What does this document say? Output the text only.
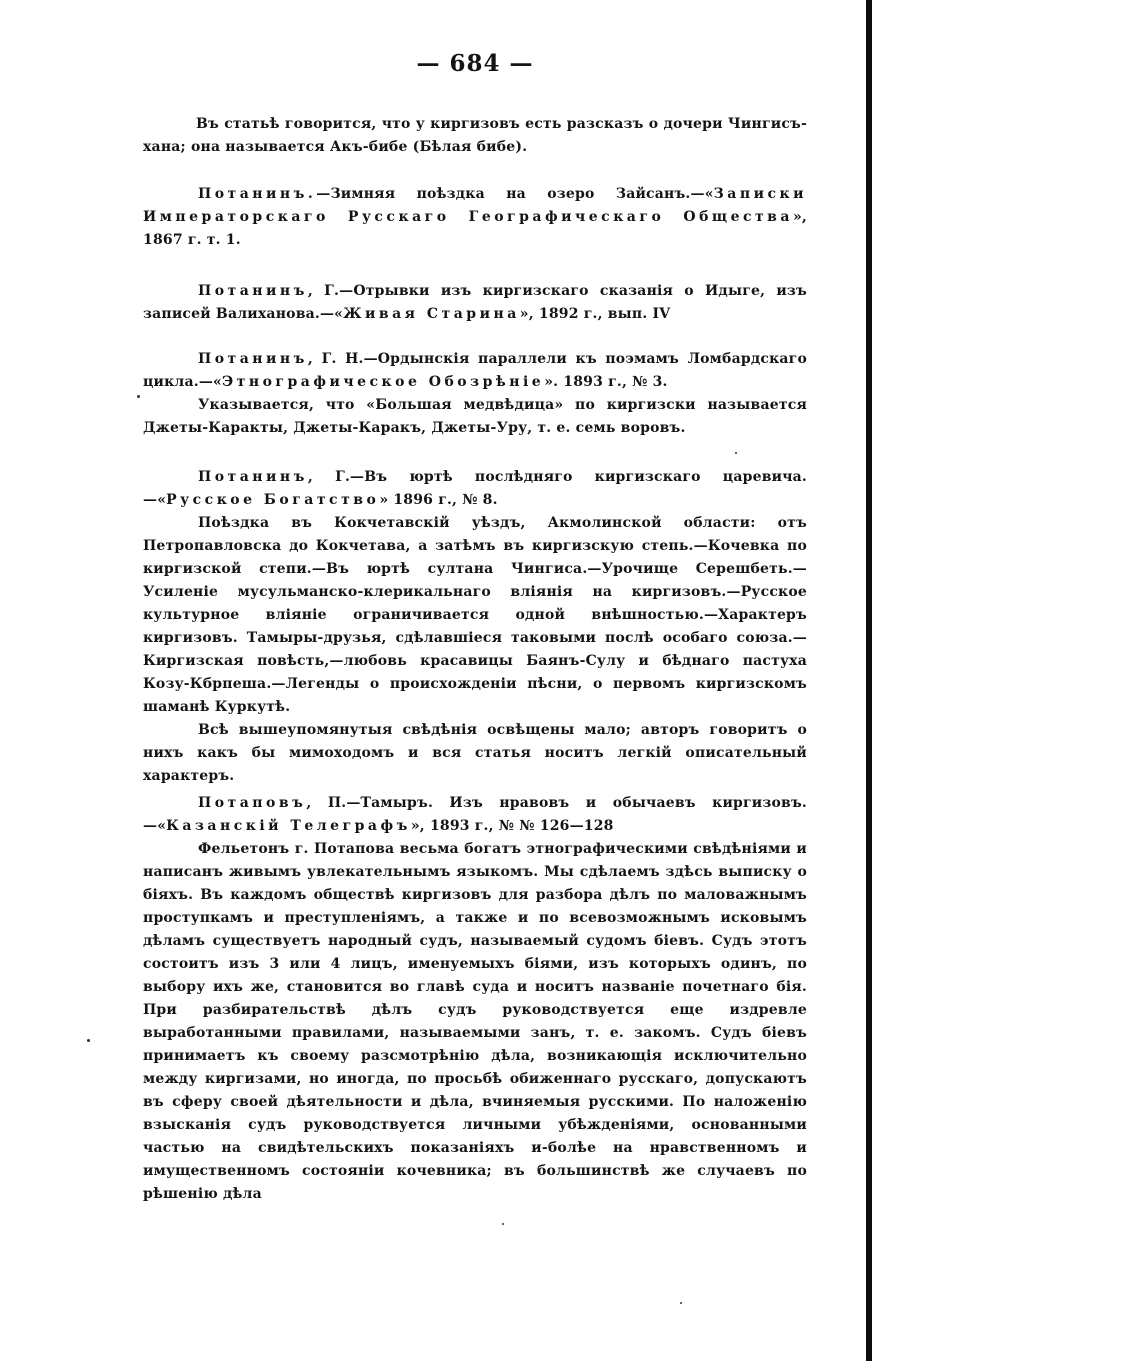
— 684 —

Въ статьѣ говорится, что у киргизовъ есть разсказъ о дочери Чингисъ-хана; она называется Акъ-бибе (Бѣлая бибе).

Потанинъ.—Зимняя поѣздка на озеро Зайсанъ.—«Записки Императорскаго Русскаго Географическаго Общества», 1867 г. т. 1.

Потанинъ, Г.—Отрывки изъ киргизскаго сказанія о Идыге, изъ записей Валиханова.—«Живая Старина», 1892 г., вып. IV

Потанинъ, Г. Н.—Ордынскія параллели къ поэмамъ Ломбардскаго цикла.—«Этнографическое Обозрѣніе». 1893 г., № 3.

Указывается, что «Большая медвѣдица» по киргизски называется Джеты-Каракты, Джеты-Каракъ, Джеты-Уру, т. е. семь воровъ.

Потанинъ, Г.—Въ юртѣ послѣдняго киргизскаго царевича.—«Русское Богатство» 1896 г., № 8.

Поѣздка въ Кокчетавскій уѣздъ, Акмолинской области: отъ Петропавловска до Кокчетава, а затѣмъ въ киргизскую степь.—Кочевка по киргизской степи.—Въ юртѣ султана Чингиса.—Урочище Серешбеть.—Усиленіе мусульманско-клерикальнаго вліянія на киргизовъ.—Русское культурное вліяніе ограничивается одной внѣшностью.—Характеръ киргизовъ. Тамыры-друзья, сдѣлавшіеся таковыми послѣ особаго союза.—Киргизская повѣсть,—любовь красавицы Баянъ-Сулу и бѣднаго пастуха Козу-Кбрпеша.—Легенды о происхожденіи пѣсни, о первомъ киргизскомъ шаманѣ Куркутѣ.

Всѣ вышеупомянутыя свѣдѣнія освѣщены мало; авторъ говоритъ о нихъ какъ бы мимоходомъ и вся статья носитъ легкій описательный характеръ.

Потаповъ, П.—Тамыръ. Изъ нравовъ и обычаевъ киргизовъ.—«Казанскій Телеграфъ», 1893 г., № № 126—128

Фельетонъ г. Потапова весьма богатъ этнографическими свѣдѣніями и написанъ живымъ увлекательнымъ языкомъ. Мы сдѣлаемъ здѣсь выписку о біяхъ. Въ каждомъ обществѣ киргизовъ для разбора дѣлъ по маловажнымъ проступкамъ и преступленіямъ, а также и по всевозможнымъ исковымъ дѣламъ существуетъ народный судъ, называемый судомъ біевъ. Судъ этотъ состоитъ изъ 3 или 4 лицъ, именуемыхъ біями, изъ которыхъ одинъ, по выбору ихъ же, становится во главѣ суда и носитъ названіе почетнаго бія. При разбирательствѣ дѣлъ судъ руководствуется еще издревле выработанными правилами, называемыми занъ, т. е. закомъ. Судъ біевъ принимаетъ къ своему разсмотрѣнію дѣла, возникающія исключительно между киргизами, но иногда, по просьбѣ обиженнаго русскаго, допускаютъ въ сферу своей дѣятельности и дѣла, вчиняемыя русскими. По наложенію взысканія судъ руководствуется личными убѣжденіями, основанными частью на свидѣтельскихъ показаніяхъ и-болѣе на нравственномъ и имущественномъ состояніи кочевника; въ большинствѣ же случаевъ по рѣшенію дѣла
